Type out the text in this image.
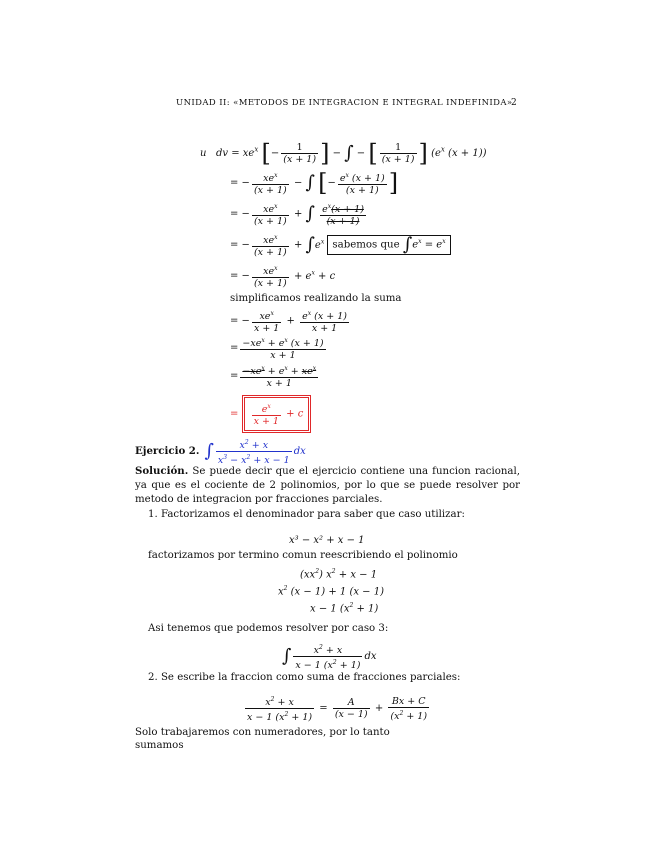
UNIDAD II: «METODOS DE INTEGRACION E INTEGRAL INDEFINIDA»
2
u   dv = $xe^x$ [− $\frac{1}{(x + 1)}$ ] − ∫ − [ $\frac{1}{(x + 1)}$ ] ($e^x$ (x + 1))
= − $\frac{xe^x}{(x + 1)}$ − ∫ [− $\frac{e^x (x + 1)}{(x + 1)}$ ]
= − $\frac{xe^x}{(x + 1)}$ + ∫ $\frac{e^x(x + 1)}{(x + 1)}$
= − $\frac{xe^x}{(x + 1)} + \int e^x$ sabemos que $\int e^x = e^x$
= − $\frac{xe^x}{(x + 1)} + e^x + c$
simplificamos realizando la suma
= − $\frac{xe^x}{x + 1} + \frac{e^x (x + 1)}{x + 1}$
= $\frac{-xe^x + e^x (x + 1)}{x + 1}$
= $\frac{-xe^x + e^x + xe^x}{x + 1}$
= $\frac{e^x}{x + 1} + c$
Ejercicio 2. ∫ $\frac{x^2 + x}{x^3 - x^2 + x - 1}$ dx

Solución. Se puede decir que el ejercicio contiene una funcion racional, ya que es el cociente de 2 polinomios, por lo que se puede resolver por metodo de integracion por fracciones parciales.

1. Factorizamos el denominador para saber que caso utilizar:
x³ − x² + x − 1
factorizamos por termino comun reescribiendo el polinomio
$(xx^2) x^2 + x - 1$
$x^2$ (x − 1) + 1 (x − 1)
x − 1 $(x^2 + 1)$
Asi tenemos que podemos resolver por caso 3:
∫ $\frac{x^2 + x}{x - 1 (x^2 + 1)}$ dx
2. Se escribe la fraccion como suma de fracciones parciales:
$\frac{x^2 + x}{x - 1 (x^2 + 1)} = \frac{A}{(x - 1)} + \frac{Bx + C}{(x^2 + 1)}$
Solo trabajaremos con numeradores, por lo tanto
sumamos
